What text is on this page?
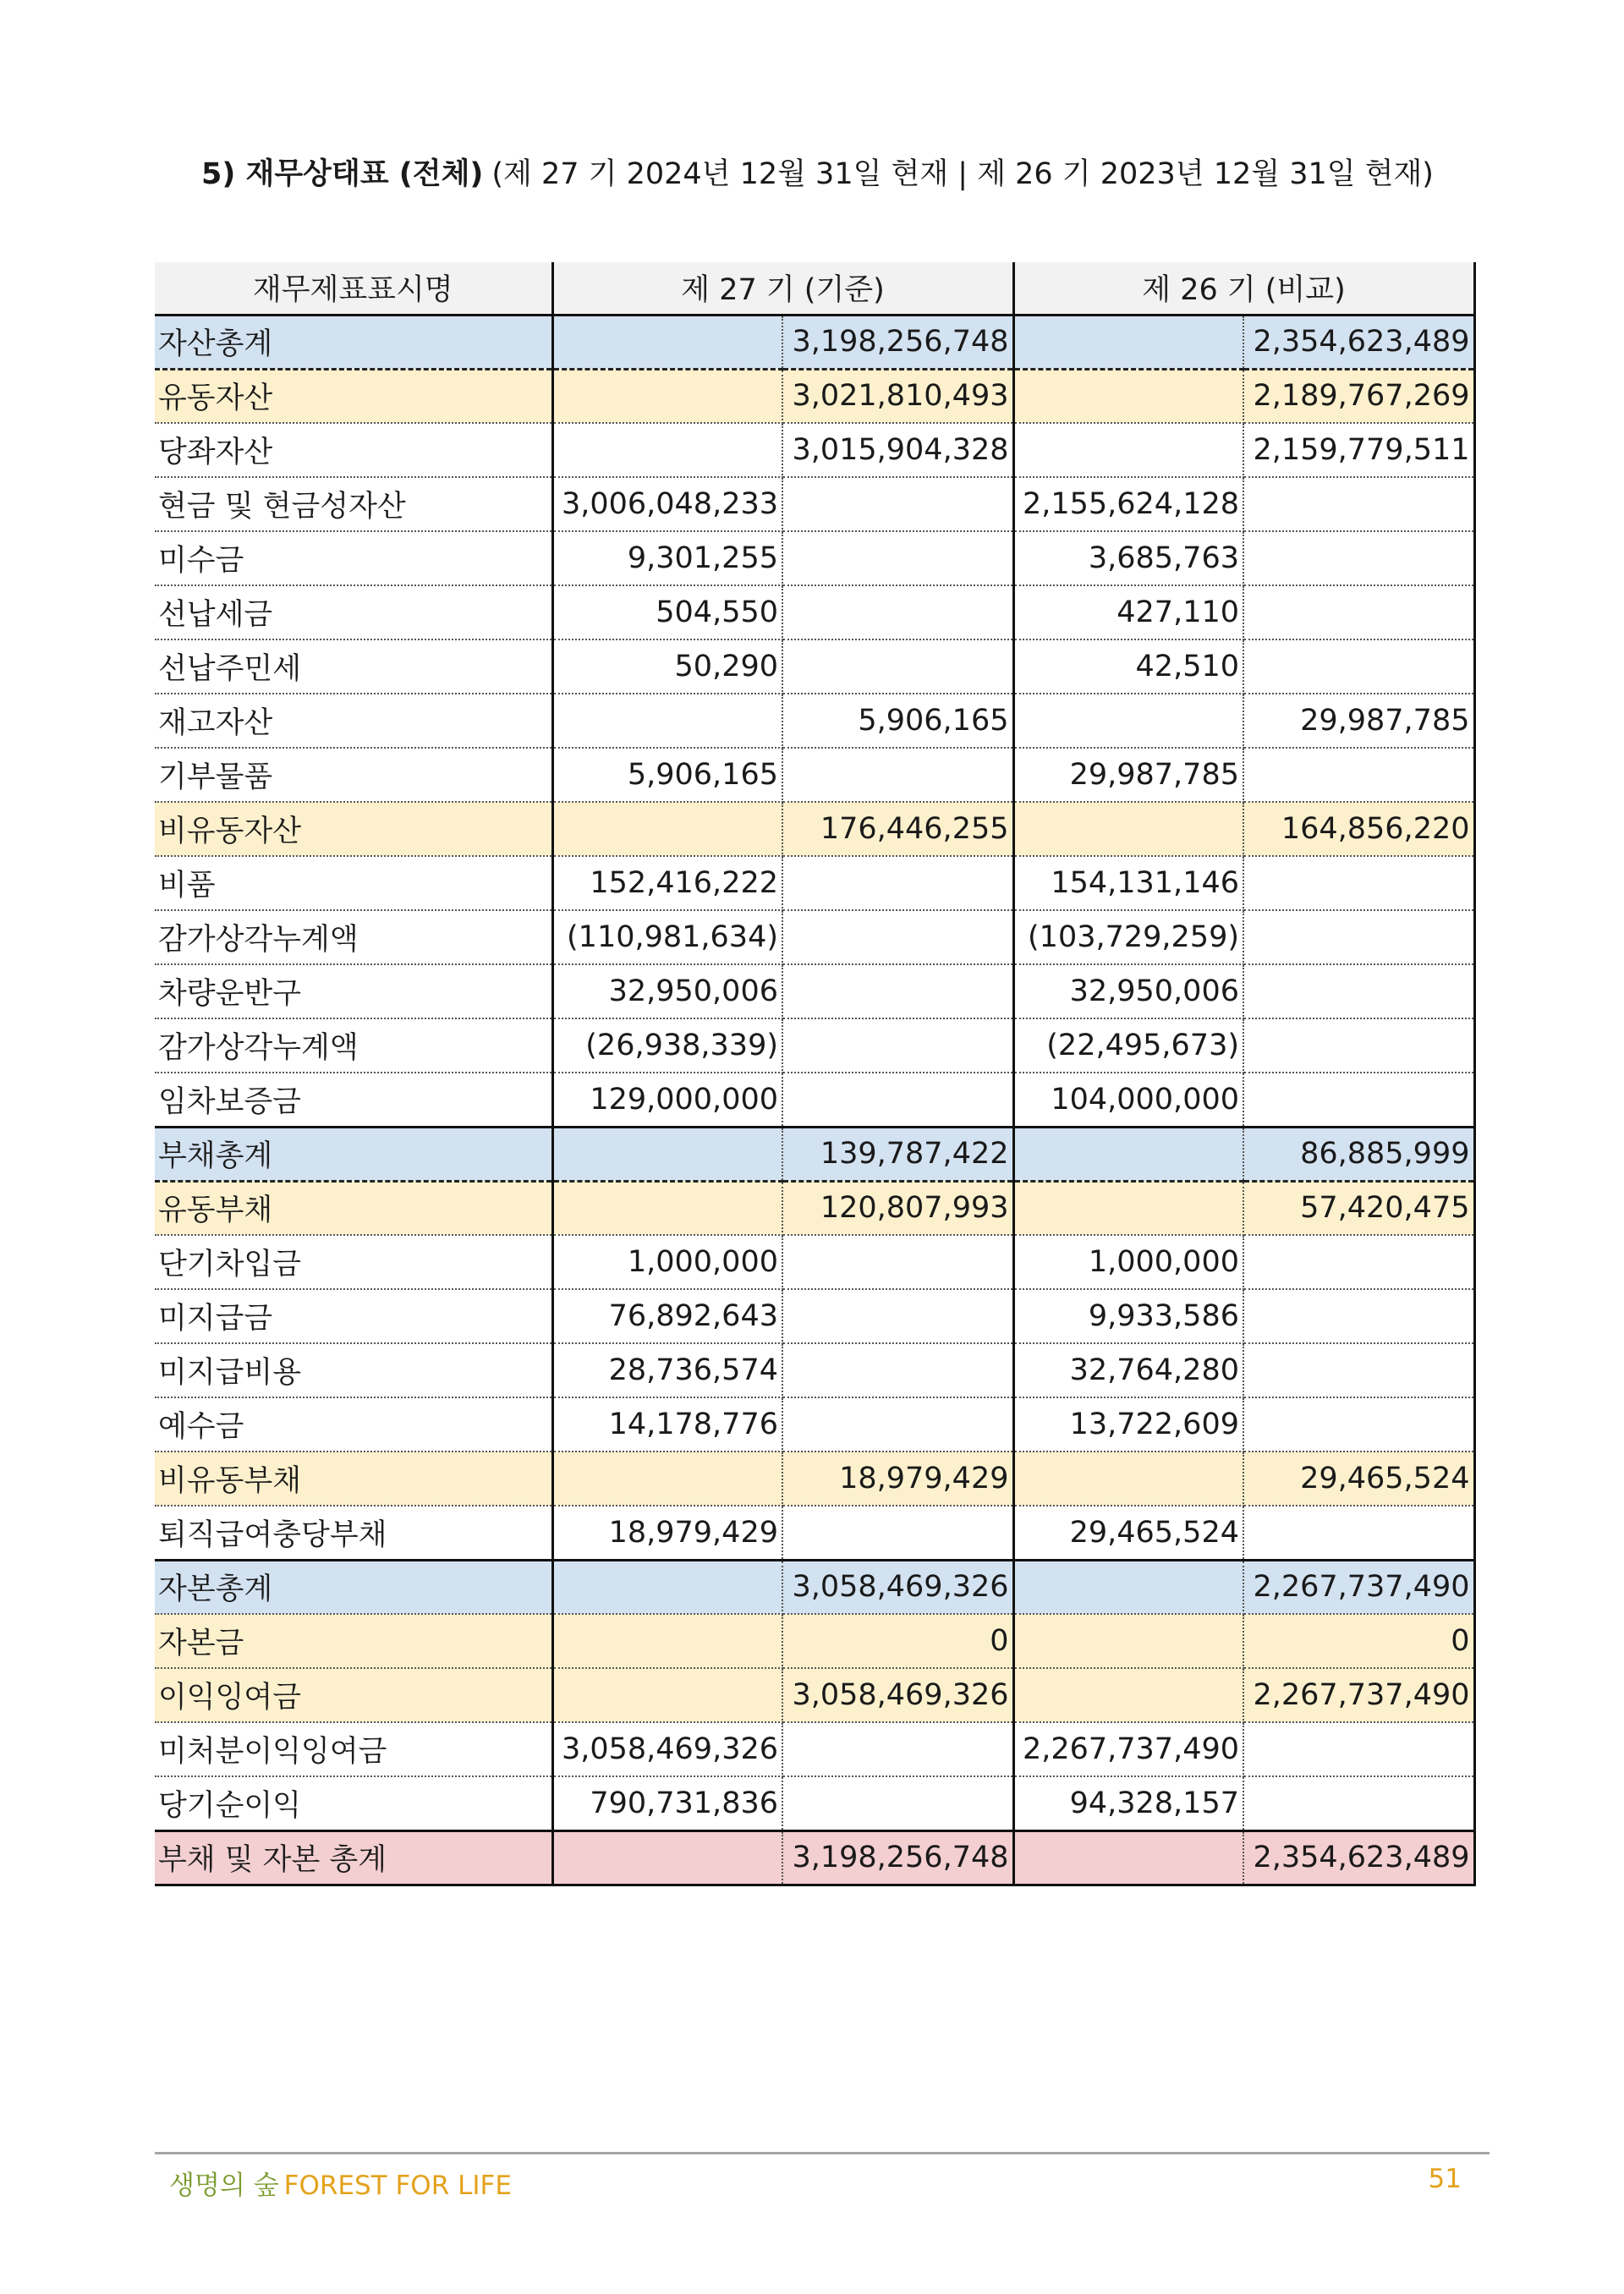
5) 재무상태표 (전체) (제 27 기 2024년 12월 31일 현재 | 제 26 기 2023년 12월 31일 현재)
재무제표표시명	제 27 기 (기준)		제 26 기 (비교)	
자산총계		3,198,256,748		2,354,623,489
유동자산		3,021,810,493		2,189,767,269
당좌자산		3,015,904,328		2,159,779,511
현금 및 현금성자산	3,006,048,233		2,155,624,128	
미수금	9,301,255		3,685,763	
선납세금	504,550		427,110	
선납주민세	50,290		42,510	
재고자산		5,906,165		29,987,785
기부물품	5,906,165		29,987,785	
비유동자산		176,446,255		164,856,220
비품	152,416,222		154,131,146	
감가상각누계액	(110,981,634)		(103,729,259)	
차량운반구	32,950,006		32,950,006	
감가상각누계액	(26,938,339)		(22,495,673)	
임차보증금	129,000,000		104,000,000	
부채총계		139,787,422		86,885,999
유동부채		120,807,993		57,420,475
단기차입금	1,000,000		1,000,000	
미지급금	76,892,643		9,933,586	
미지급비용	28,736,574		32,764,280	
예수금	14,178,776		13,722,609	
비유동부채		18,979,429		29,465,524
퇴직급여충당부채	18,979,429		29,465,524	
자본총계		3,058,469,326		2,267,737,490
자본금		0		0
이익잉여금		3,058,469,326		2,267,737,490
미처분이익잉여금	3,058,469,326		2,267,737,490	
당기순이익	790,731,836		94,328,157	
부채 및 자본 총계		3,198,256,748		2,354,623,489
생명의 숲 FOREST FOR LIFE	51
